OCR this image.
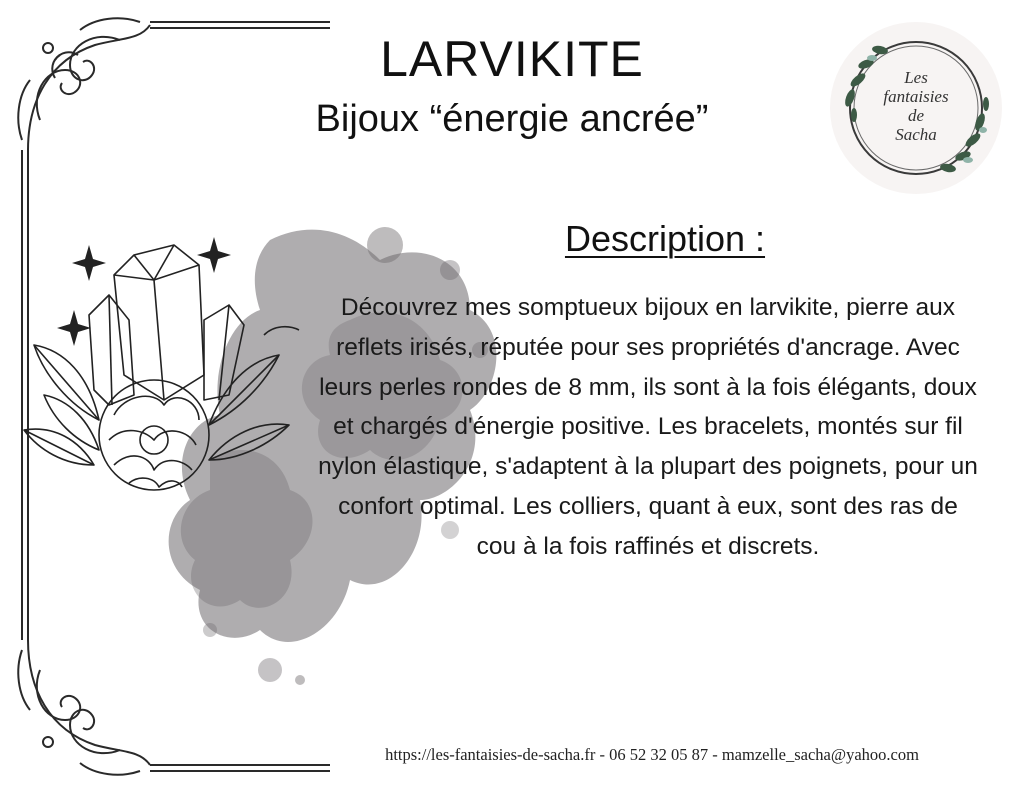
LARVIKITE
Bijoux “énergie ancrée”
Les
fantaisies
de
Sacha
Description :
Découvrez mes somptueux bijoux en larvikite, pierre aux reflets irisés, réputée pour ses propriétés d'ancrage. Avec leurs perles rondes de 8 mm, ils sont à la fois élégants, doux et chargés d'énergie positive. Les bracelets, montés sur fil nylon élastique, s'adaptent à la plupart des poignets, pour un confort optimal. Les colliers, quant à eux, sont des ras de cou à la fois raffinés et discrets.
https://les-fantaisies-de-sacha.fr - 06 52 32 05 87 - mamzelle_sacha@yahoo.com
